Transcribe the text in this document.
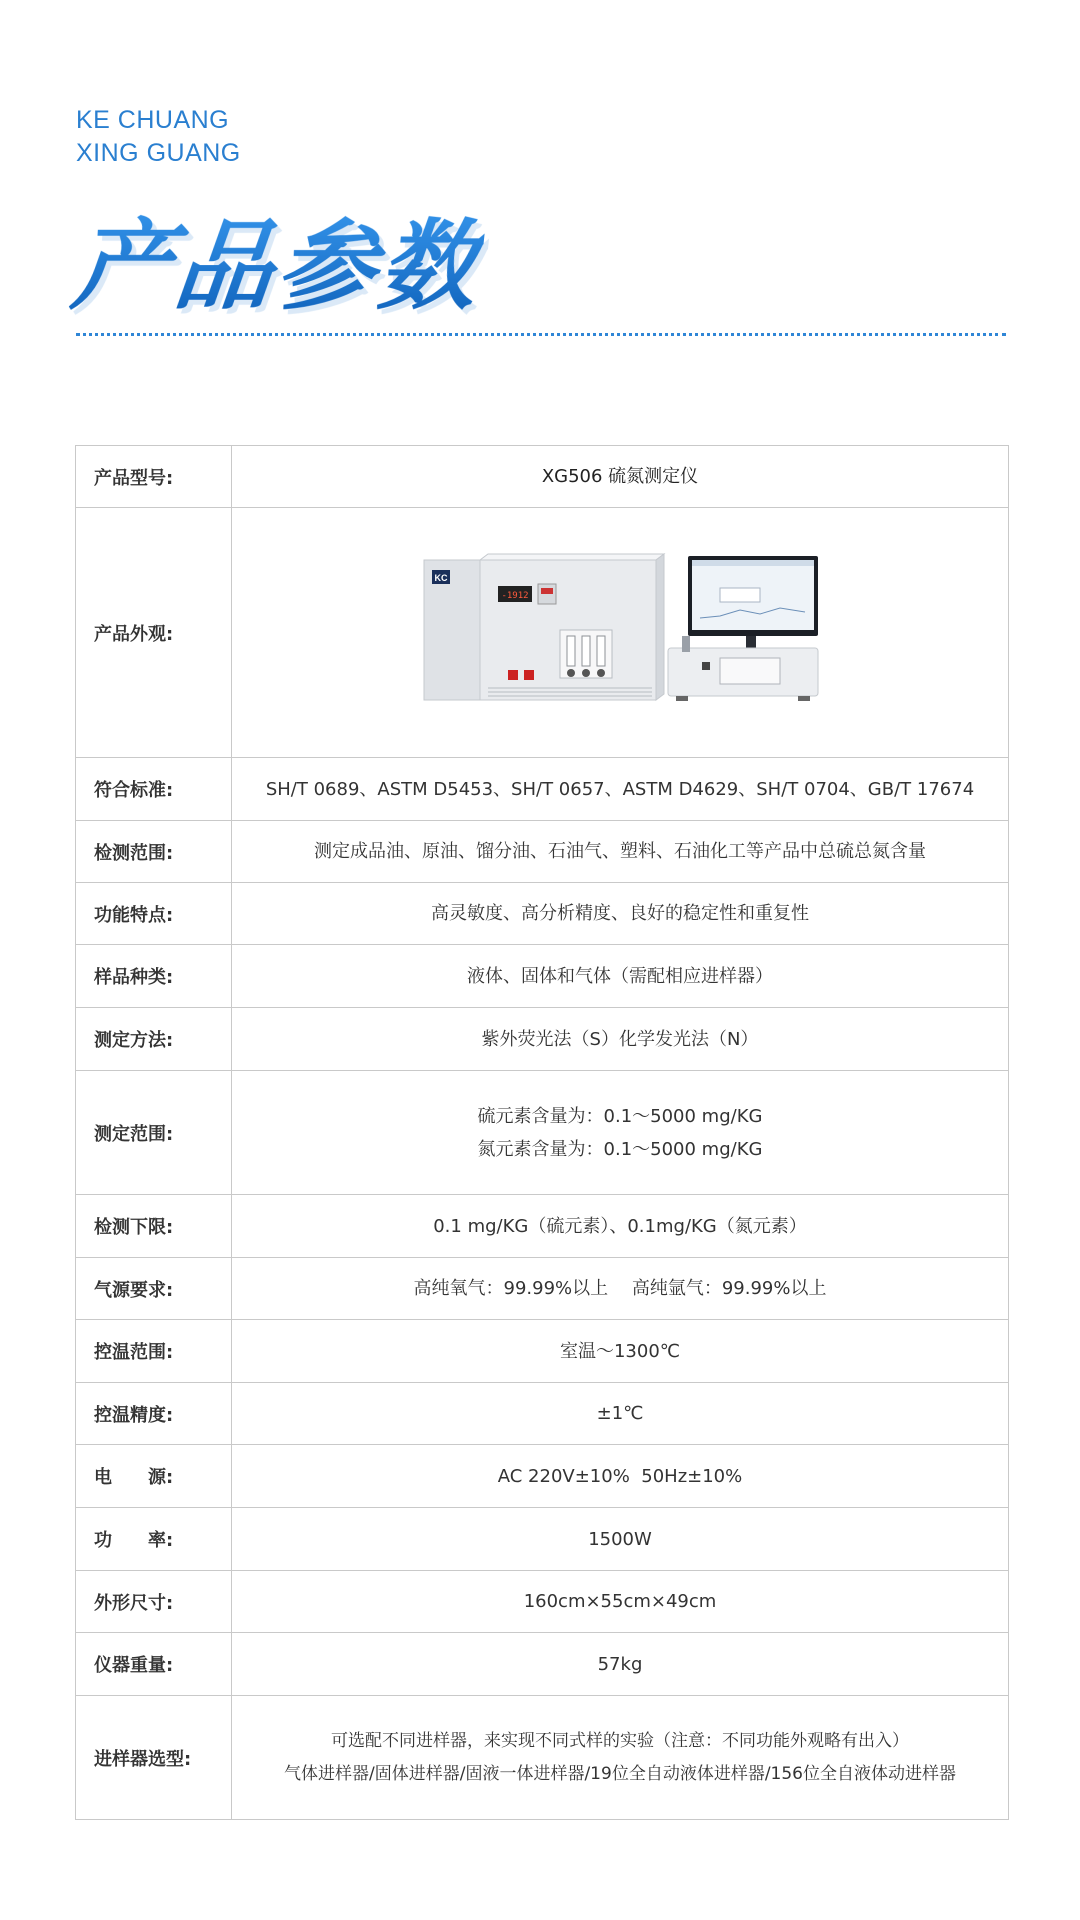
KE CHUANG
XING GUANG
产品参数
产品型号:	XG506 硫氮测定仪
产品外观:	KC
-1912

符合标准:	SH/T 0689、ASTM D5453、SH/T 0657、ASTM D4629、SH/T 0704、GB/T 17674
检测范围:	测定成品油、原油、馏分油、石油气、塑料、石油化工等产品中总硫总氮含量
功能特点:	高灵敏度、高分析精度、良好的稳定性和重复性
样品种类:	液体、固体和气体（需配相应进样器）
测定方法:	紫外荧光法（S）化学发光法（N）
测定范围:	硫元素含量为：0.1～5000 mg/KG
氮元素含量为：0.1～5000 mg/KG

检测下限:	0.1 mg/KG（硫元素）、0.1mg/KG（氮元素）
气源要求:	高纯氧气：99.99%以上　 高纯氩气：99.99%以上
控温范围:	室温～1300℃
控温精度:	±1℃
电　　源:	AC 220V±10%  50Hz±10%
功　　率:	1500W
外形尺寸:	160cm×55cm×49cm
仪器重量:	57kg
进样器选型:	可选配不同进样器，来实现不同式样的实验（注意：不同功能外观略有出入）
气体进样器/固体进样器/固液一体进样器/19位全自动液体进样器/156位全自液体动进样器
